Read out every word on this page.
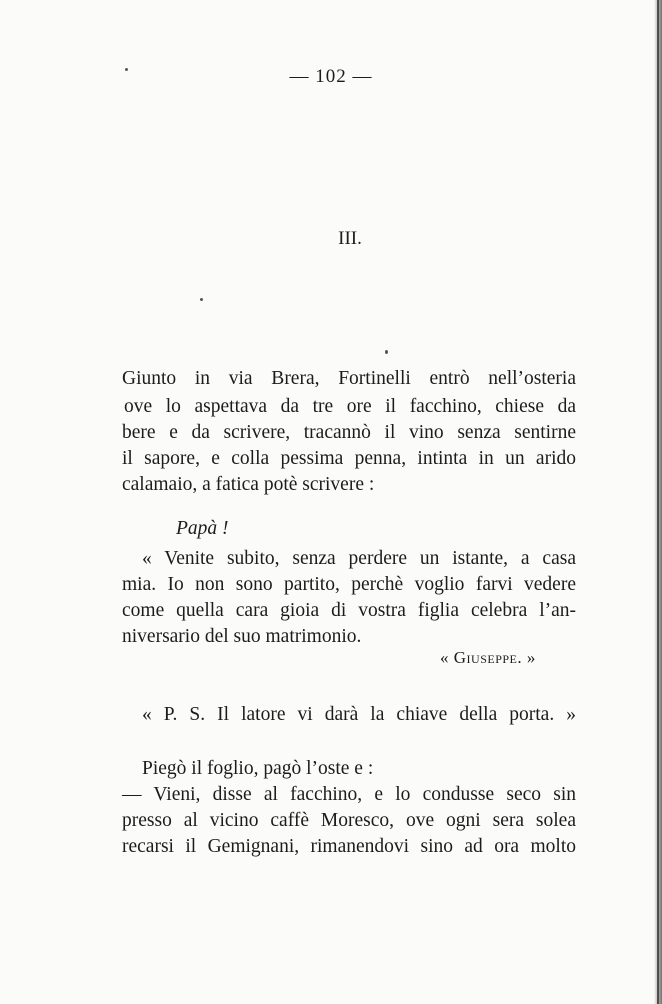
— 102 —
III.
Giunto in via Brera, Fortinelli entrò nell’osteria
ove lo aspettava da tre ore il facchino, chiese da
bere e da scrivere, tracannò il vino senza sentirne
il sapore, e colla pessima penna, intinta in un arido
calamaio, a fatica potè scrivere :
Papà !
« Venite subito, senza perdere un istante, a casa
mia. Io non sono partito, perchè voglio farvi vedere
come quella cara gioia di vostra figlia celebra l’an-
niversario del suo matrimonio.
« Giuseppe. »
« P. S. Il latore vi darà la chiave della porta. »
Piegò il foglio, pagò l’oste e :
— Vieni, disse al facchino, e lo condusse seco sin
presso al vicino caffè Moresco, ove ogni sera solea
recarsi il Gemignani, rimanendovi sino ad ora molto
